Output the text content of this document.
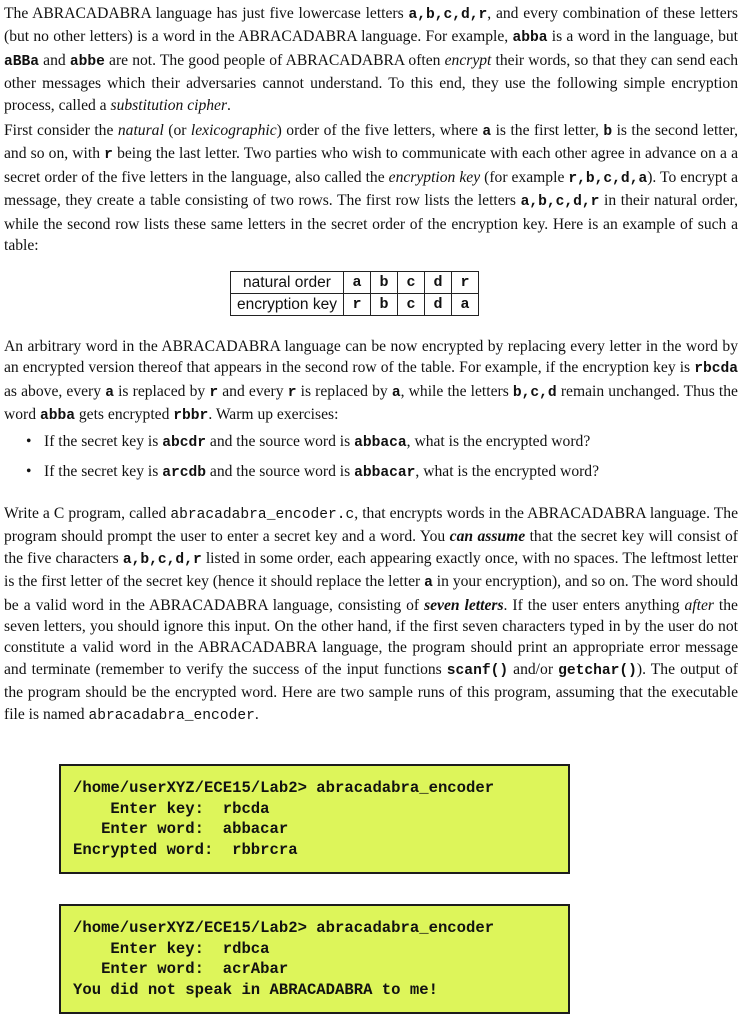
The ABRACADABRA language has just five lowercase letters a,b,c,d,r, and every combination of these letters (but no other letters) is a word in the ABRACADABRA language. For example, abba is a word in the language, but aBBa and abbe are not. The good people of ABRACADABRA often encrypt their words, so that they can send each other messages which their adversaries cannot understand. To this end, they use the following simple encryption process, called a substitution cipher.
First consider the natural (or lexicographic) order of the five letters, where a is the first letter, b is the second letter, and so on, with r being the last letter. Two parties who wish to communicate with each other agree in advance on a a secret order of the five letters in the language, also called the encryption key (for example r,b,c,d,a). To encrypt a message, they create a table consisting of two rows. The first row lists the letters a,b,c,d,r in their natural order, while the second row lists these same letters in the secret order of the encryption key. Here is an example of such a table:
natural order	a	b	c	d	r
encryption key	r	b	c	d	a
An arbitrary word in the ABRACADABRA language can be now encrypted by replacing every letter in the word by an encrypted version thereof that appears in the second row of the table. For example, if the encryption key is rbcda as above, every a is replaced by r and every r is replaced by a, while the letters b,c,d remain unchanged. Thus the word abba gets encrypted rbbr. Warm up exercises:
• If the secret key is abcdr and the source word is abbaca, what is the encrypted word?
• If the secret key is arcdb and the source word is abbacar, what is the encrypted word?
Write a C program, called abracadabra_encoder.c, that encrypts words in the ABRACADABRA language. The program should prompt the user to enter a secret key and a word. You can assume that the secret key will consist of the five characters a,b,c,d,r listed in some order, each appearing exactly once, with no spaces. The leftmost letter is the first letter of the secret key (hence it should replace the letter a in your encryption), and so on. The word should be a valid word in the ABRACADABRA language, consisting of seven letters. If the user enters anything after the seven letters, you should ignore this input. On the other hand, if the first seven characters typed in by the user do not constitute a valid word in the ABRACADABRA language, the program should print an appropriate error message and terminate (remember to verify the success of the input functions scanf() and/or getchar()). The output of the program should be the encrypted word. Here are two sample runs of this program, assuming that the executable file is named abracadabra_encoder.
/home/userXYZ/ECE15/Lab2> abracadabra_encoder
Enter key:  rbcda
Enter word:  abbacar
Encrypted word:  rbbrcra
/home/userXYZ/ECE15/Lab2> abracadabra_encoder
Enter key:  rdbca
Enter word:  acrAbar
You did not speak in ABRACADABRA to me!
